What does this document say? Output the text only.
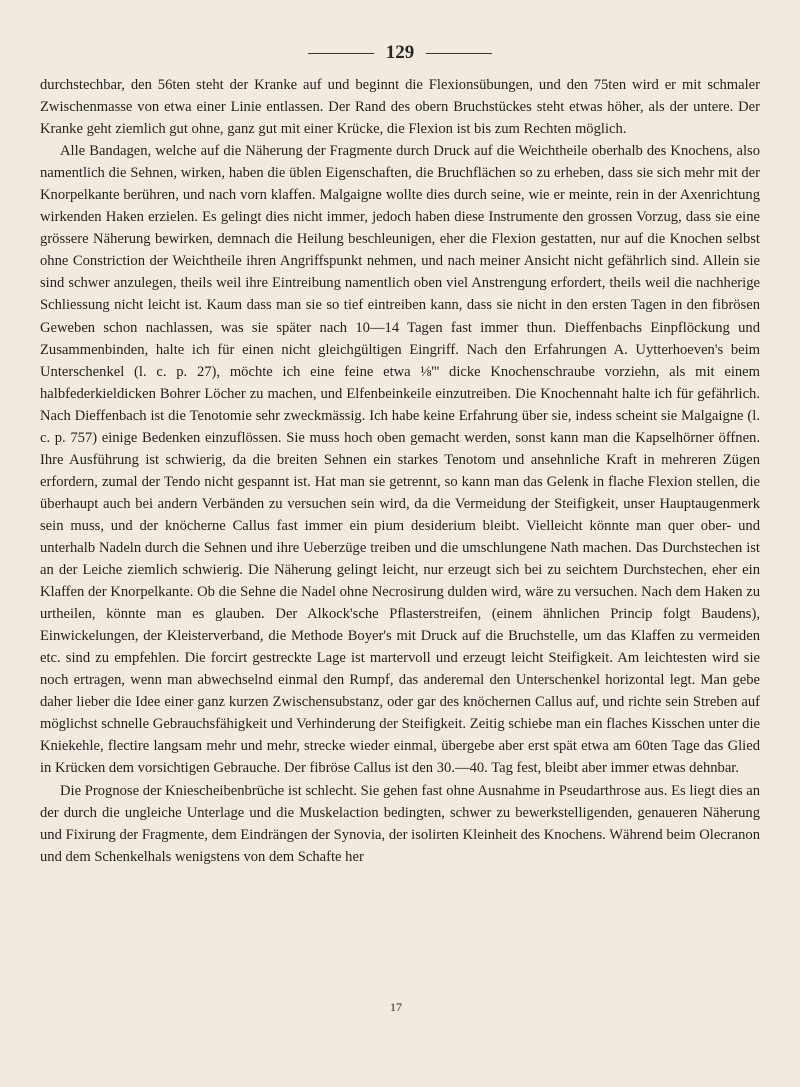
129

durchstechbar, den 56ten steht der Kranke auf und beginnt die Flexionsübungen, und den 75ten wird er mit schmaler Zwischenmasse von etwa einer Linie entlassen. Der Rand des obern Bruchstückes steht etwas höher, als der untere. Der Kranke geht ziemlich gut ohne, ganz gut mit einer Krücke, die Flexion ist bis zum Rechten möglich.

Alle Bandagen, welche auf die Näherung der Fragmente durch Druck auf die Weichtheile oberhalb des Knochens, also namentlich die Sehnen, wirken, haben die üblen Eigenschaften, die Bruchflächen so zu erheben, dass sie sich mehr mit der Knorpelkante berühren, und nach vorn klaffen. Malgaigne wollte dies durch seine, wie er meinte, rein in der Axenrichtung wirkenden Haken erzielen. Es gelingt dies nicht immer, jedoch haben diese Instrumente den grossen Vorzug, dass sie eine grössere Näherung bewirken, demnach die Heilung beschleunigen, eher die Flexion gestatten, nur auf die Knochen selbst ohne Constriction der Weichtheile ihren Angriffspunkt nehmen, und nach meiner Ansicht nicht gefährlich sind. Allein sie sind schwer anzulegen, theils weil ihre Eintreibung namentlich oben viel Anstrengung erfordert, theils weil die nachherige Schliessung nicht leicht ist. Kaum dass man sie so tief eintreiben kann, dass sie nicht in den ersten Tagen in den fibrösen Geweben schon nachlassen, was sie später nach 10—14 Tagen fast immer thun. Dieffenbachs Einpflöckung und Zusammenbinden, halte ich für einen nicht gleichgültigen Eingriff. Nach den Erfahrungen A. Uytterhoeven's beim Unterschenkel (l. c. p. 27), möchte ich eine feine etwa ⅛''' dicke Knochenschraube vorziehn, als mit einem halbfederkieldicken Bohrer Löcher zu machen, und Elfenbeinkeile einzutreiben. Die Knochennaht halte ich für gefährlich. Nach Dieffenbach ist die Tenotomie sehr zweckmässig. Ich habe keine Erfahrung über sie, indess scheint sie Malgaigne (l. c. p. 757) einige Bedenken einzuflössen. Sie muss hoch oben gemacht werden, sonst kann man die Kapselhörner öffnen. Ihre Ausführung ist schwierig, da die breiten Sehnen ein starkes Tenotom und ansehnliche Kraft in mehreren Zügen erfordern, zumal der Tendo nicht gespannt ist. Hat man sie getrennt, so kann man das Gelenk in flache Flexion stellen, die überhaupt auch bei andern Verbänden zu versuchen sein wird, da die Vermeidung der Steifigkeit, unser Hauptaugenmerk sein muss, und der knöcherne Callus fast immer ein pium desiderium bleibt. Vielleicht könnte man quer ober- und unterhalb Nadeln durch die Sehnen und ihre Ueberzüge treiben und die umschlungene Nath machen. Das Durchstechen ist an der Leiche ziemlich schwierig. Die Näherung gelingt leicht, nur erzeugt sich bei zu seichtem Durchstechen, eher ein Klaffen der Knorpelkante. Ob die Sehne die Nadel ohne Necrosirung dulden wird, wäre zu versuchen. Nach dem Haken zu urtheilen, könnte man es glauben. Der Alkock'sche Pflasterstreifen, (einem ähnlichen Princip folgt Baudens), Einwickelungen, der Kleisterverband, die Methode Boyer's mit Druck auf die Bruchstelle, um das Klaffen zu vermeiden etc. sind zu empfehlen. Die forcirt gestreckte Lage ist martervoll und erzeugt leicht Steifigkeit. Am leichtesten wird sie noch ertragen, wenn man abwechselnd einmal den Rumpf, das anderemal den Unterschenkel horizontal legt. Man gebe daher lieber die Idee einer ganz kurzen Zwischensubstanz, oder gar des knöchernen Callus auf, und richte sein Streben auf möglichst schnelle Gebrauchsfähigkeit und Verhinderung der Steifigkeit. Zeitig schiebe man ein flaches Kisschen unter die Kniekehle, flectire langsam mehr und mehr, strecke wieder einmal, übergebe aber erst spät etwa am 60ten Tage das Glied in Krücken dem vorsichtigen Gebrauche. Der fibröse Callus ist den 30.—40. Tag fest, bleibt aber immer etwas dehnbar.

Die Prognose der Kniescheibenbrüche ist schlecht. Sie gehen fast ohne Ausnahme in Pseudarthrose aus. Es liegt dies an der durch die ungleiche Unterlage und die Muskelaction bedingten, schwer zu bewerkstelligenden, genaueren Näherung und Fixirung der Fragmente, dem Eindrängen der Synovia, der isolirten Kleinheit des Knochens. Während beim Olecranon und dem Schenkelhals wenigstens von dem Schafte her

17
